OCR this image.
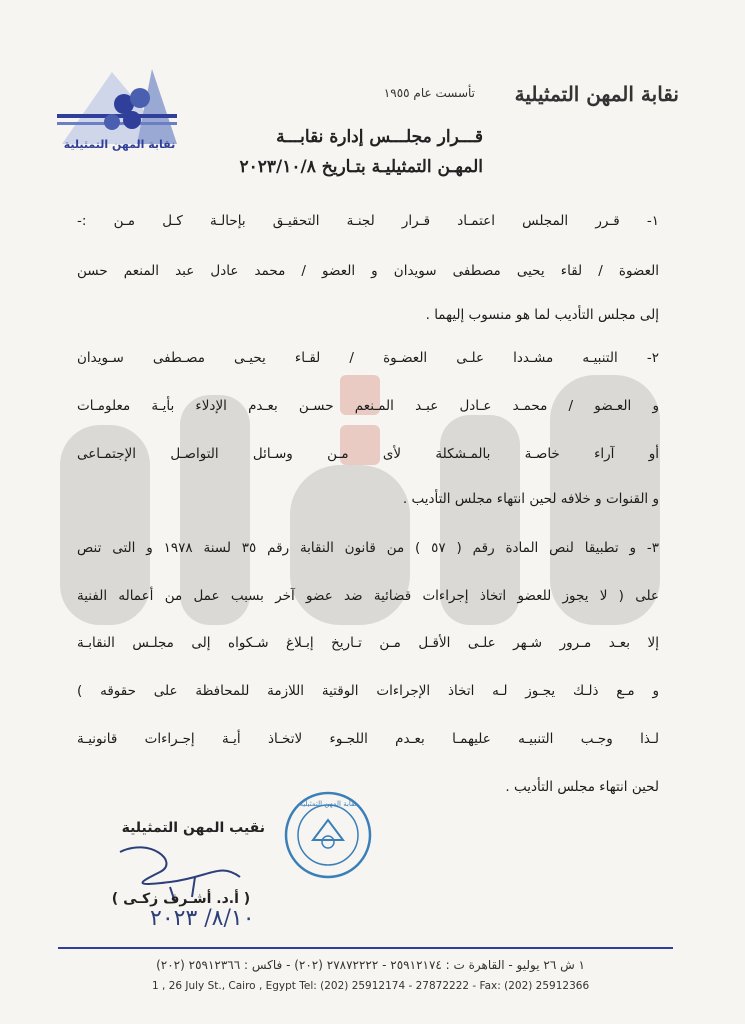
نقابة المهن التمثيلية
نقابة المهن التمثيلية
تأسست عام ١٩٥٥
قـــرار مجلـــس إدارة نقابـــة
المهـن التمثيليـة بتـاريخ ٢٠٢٣/١٠/٨
١- قـرر المجلس اعتمـاد قـرار لجنـة التحقيـق بإحالـة كـل مـن :-
العضوة / لقاء يحيى مصطفى سويدان و العضو / محمد عادل عبد المنعم حسن
إلى مجلس التأديب لما هو منسوب إليهما .
٢- التنبيـه مشـددا علـى العضـوة / لقـاء يحيـى مصـطفى سـويدان
و العـضو / محمـد عـادل عبـد المـنعم حسـن بعـدم الإدلاء بأيـة معلومـات
أو آراء خاصـة بالمـشكلة لأى مـن وسـائل التواصـل الإجتمـاعى
و القنوات و خلافه لحين انتهاء مجلس التأديب .
٣- و تطبيقا لنص المادة رقم ( ٥٧ ) من قانون النقابة رقم ٣٥ لسنة ١٩٧٨ و التى تنص
على ( لا يجوز للعضو اتخاذ إجراءات قضائية ضد عضو آخر بسبب عمل من أعماله الفنية
إلا بعـد مـرور شـهر علـى الأقـل مـن تـاريخ إبـلاغ شـكواه إلى مجلـس النقابـة
و مـع ذلـك يجـوز لـه اتخاذ الإجراءات الوقتية اللازمة للمحافظة على حقوقه )
لـذا وجـب التنبيـه عليهمـا بعـدم اللجـوء لاتخـاذ أيـة إجـراءات قانونيـة
لحين انتهاء مجلس التأديب .
نقابة المهن التمثيلية
نقيب المهن التمثيلية
( أ.د. أشـرف زكـى )
٨/١٠/ ٢٠٢٣
١ ش ٢٦ يوليو - القاهرة ت : ٢٥٩١٢١٧٤ - ٢٧٨٧٢٢٢٢ (٢٠٢) - فاكس : ٢٥٩١٢٣٦٦ (٢٠٢)
1 , 26 July St., Cairo , Egypt Tel: (202) 25912174 - 27872222 - Fax: (202) 25912366
